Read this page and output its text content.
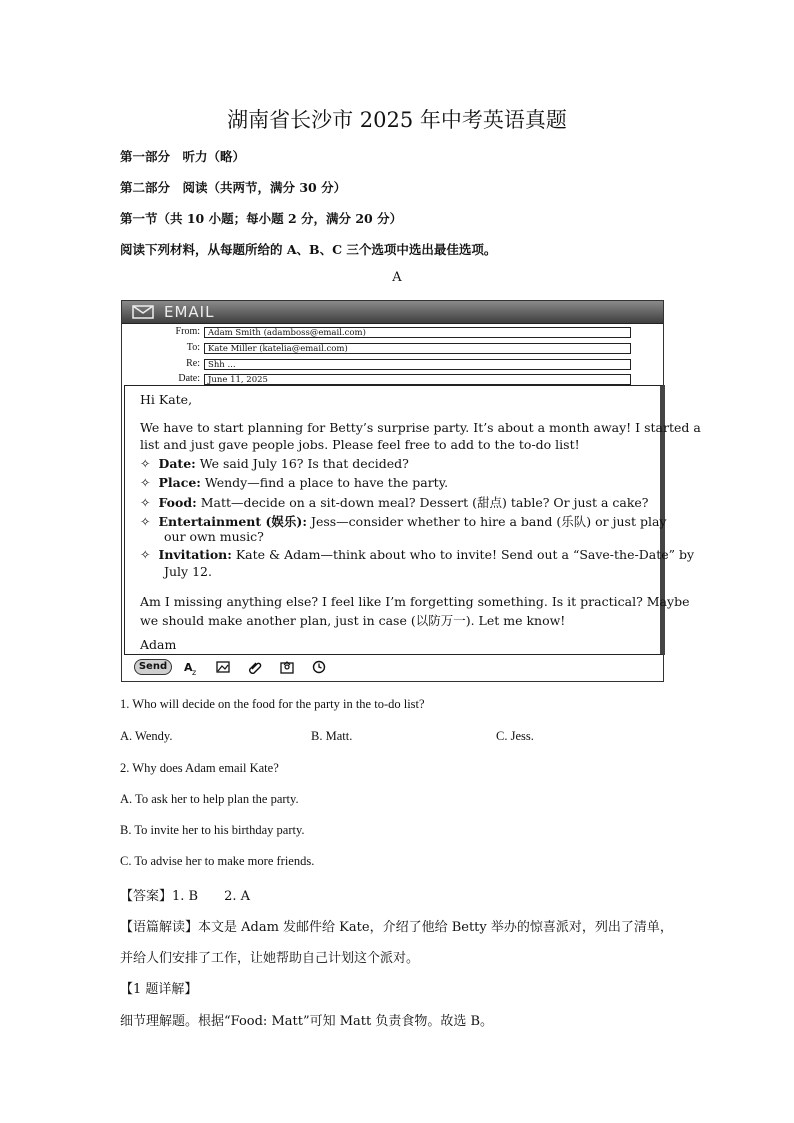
湖南省长沙市 2025 年中考英语真题
第一部分　听力（略）
第二部分　阅读（共两节，满分 30 分）
第一节（共 10 小题；每小题 2 分，满分 20 分）
阅读下列材料，从每题所给的 A、B、C 三个选项中选出最佳选项。
A
EMAIL
From: Adam Smith (adamboss@email.com)
To: Kate Miller (katelia@email.com)
Re: Shh ...
Date: June 11, 2025
Hi Kate,
We have to start planning for Betty’s surprise party. It’s about a month away! I started a
list and just gave people jobs. Please feel free to add to the to-do list!
✧ Date: We said July 16? Is that decided?
✧ Place: Wendy—find a place to have the party.
✧ Food: Matt—decide on a sit-down meal? Dessert (甜点) table? Or just a cake?
✧ Entertainment (娱乐): Jess—consider whether to hire a band (乐队) or just play
our own music?
✧ Invitation: Kate & Adam—think about who to invite! Send out a “Save-the-Date” by
July 12.
Am I missing anything else? I feel like I’m forgetting something. Is it practical? Maybe
we should make another plan, just in case (以防万一). Let me know!
Adam
Send	A z
1. Who will decide on the food for the party in the to-do list?
A. Wendy.	B. Matt.	C. Jess.
2. Why does Adam email Kate?
A. To ask her to help plan the party.
B. To invite her to his birthday party.
C. To advise her to make more friends.
【答案】1. B　　2. A
【语篇解读】本文是 Adam 发邮件给 Kate，介绍了他给 Betty 举办的惊喜派对，列出了清单，
并给人们安排了工作，让她帮助自己计划这个派对。
【1 题详解】
细节理解题。根据“Food: Matt”可知 Matt 负责食物。故选 B。
